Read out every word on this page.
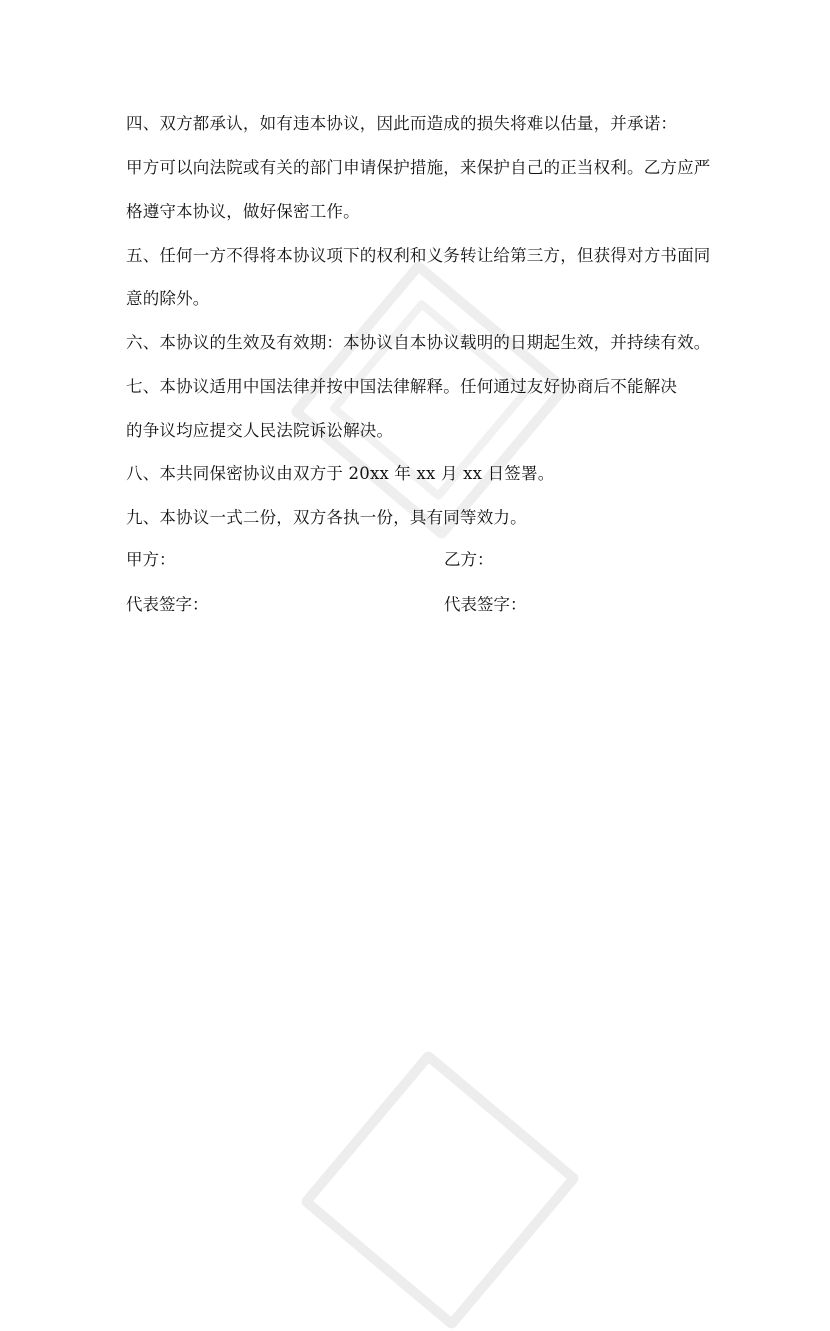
四、双方都承认，如有违本协议，因此而造成的损失将难以估量，并承诺：
甲方可以向法院或有关的部门申请保护措施，来保护自己的正当权利。乙方应严
格遵守本协议，做好保密工作。
五、任何一方不得将本协议项下的权利和义务转让给第三方，但获得对方书面同
意的除外。
六、本协议的生效及有效期：本协议自本协议载明的日期起生效，并持续有效。
七、本协议适用中国法律并按中国法律解释。任何通过友好协商后不能解决
的争议均应提交人民法院诉讼解决。
八、本共同保密协议由双方于 20xx 年 xx 月 xx 日签署。
九、本协议一式二份，双方各执一份，具有同等效力。
甲方：	乙方：
代表签字：	代表签字：
